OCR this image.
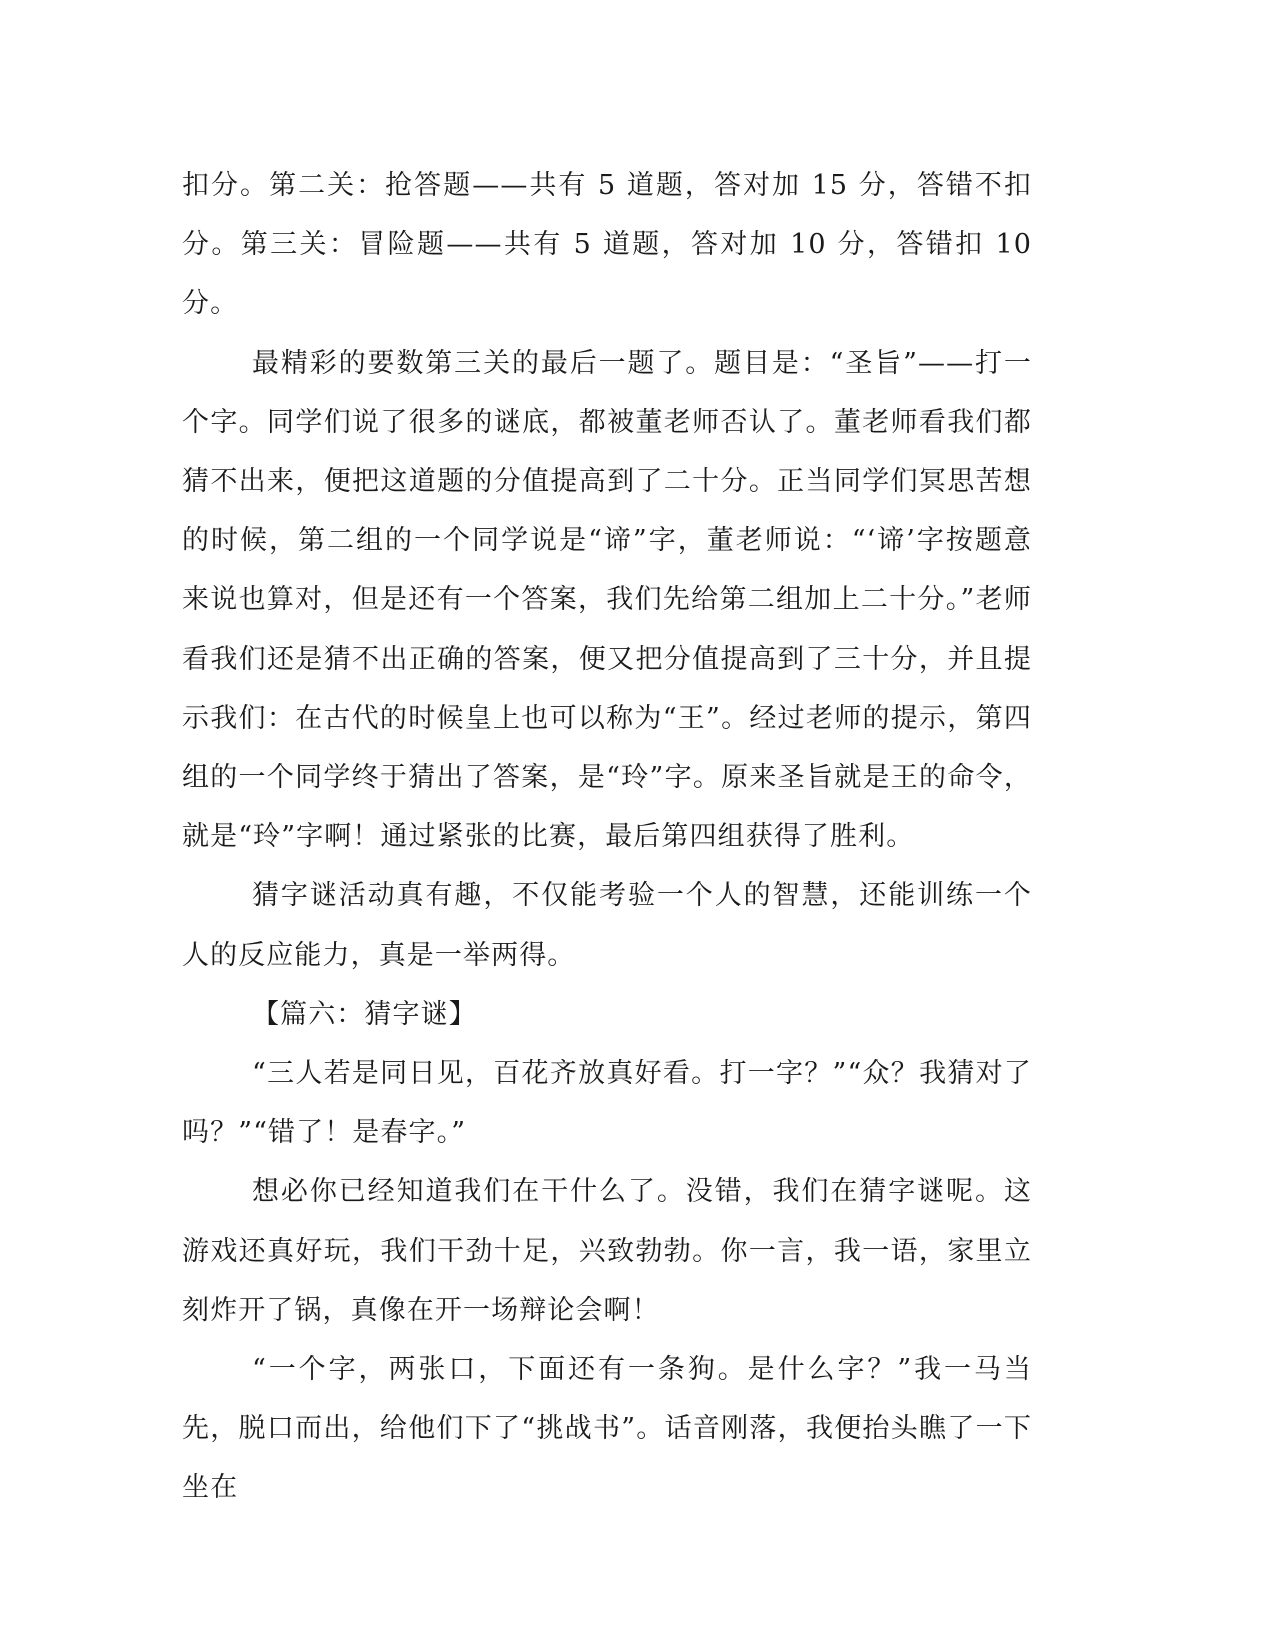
扣分。第二关：抢答题——共有 5 道题，答对加 15 分，答错不扣分。第三关：冒险题——共有 5 道题，答对加 10 分，答错扣 10 分。

最精彩的要数第三关的最后一题了。题目是：“圣旨”——打一个字。同学们说了很多的谜底，都被董老师否认了。董老师看我们都猜不出来，便把这道题的分值提高到了二十分。正当同学们冥思苦想的时候，第二组的一个同学说是“谛”字，董老师说：“‘谛’字按题意来说也算对，但是还有一个答案，我们先给第二组加上二十分。”老师看我们还是猜不出正确的答案，便又把分值提高到了三十分，并且提示我们：在古代的时候皇上也可以称为“王”。经过老师的提示，第四组的一个同学终于猜出了答案，是“玲”字。原来圣旨就是王的命令，就是“玲”字啊！通过紧张的比赛，最后第四组获得了胜利。

猜字谜活动真有趣，不仅能考验一个人的智慧，还能训练一个人的反应能力，真是一举两得。

【篇六：猜字谜】

“三人若是同日见，百花齐放真好看。打一字？”“众？我猜对了吗？”“错了！是春字。”

想必你已经知道我们在干什么了。没错，我们在猜字谜呢。这游戏还真好玩，我们干劲十足，兴致勃勃。你一言，我一语，家里立刻炸开了锅，真像在开一场辩论会啊！

“一个字，两张口，下面还有一条狗。是什么字？”我一马当先，脱口而出，给他们下了“挑战书”。话音刚落，我便抬头瞧了一下坐在
